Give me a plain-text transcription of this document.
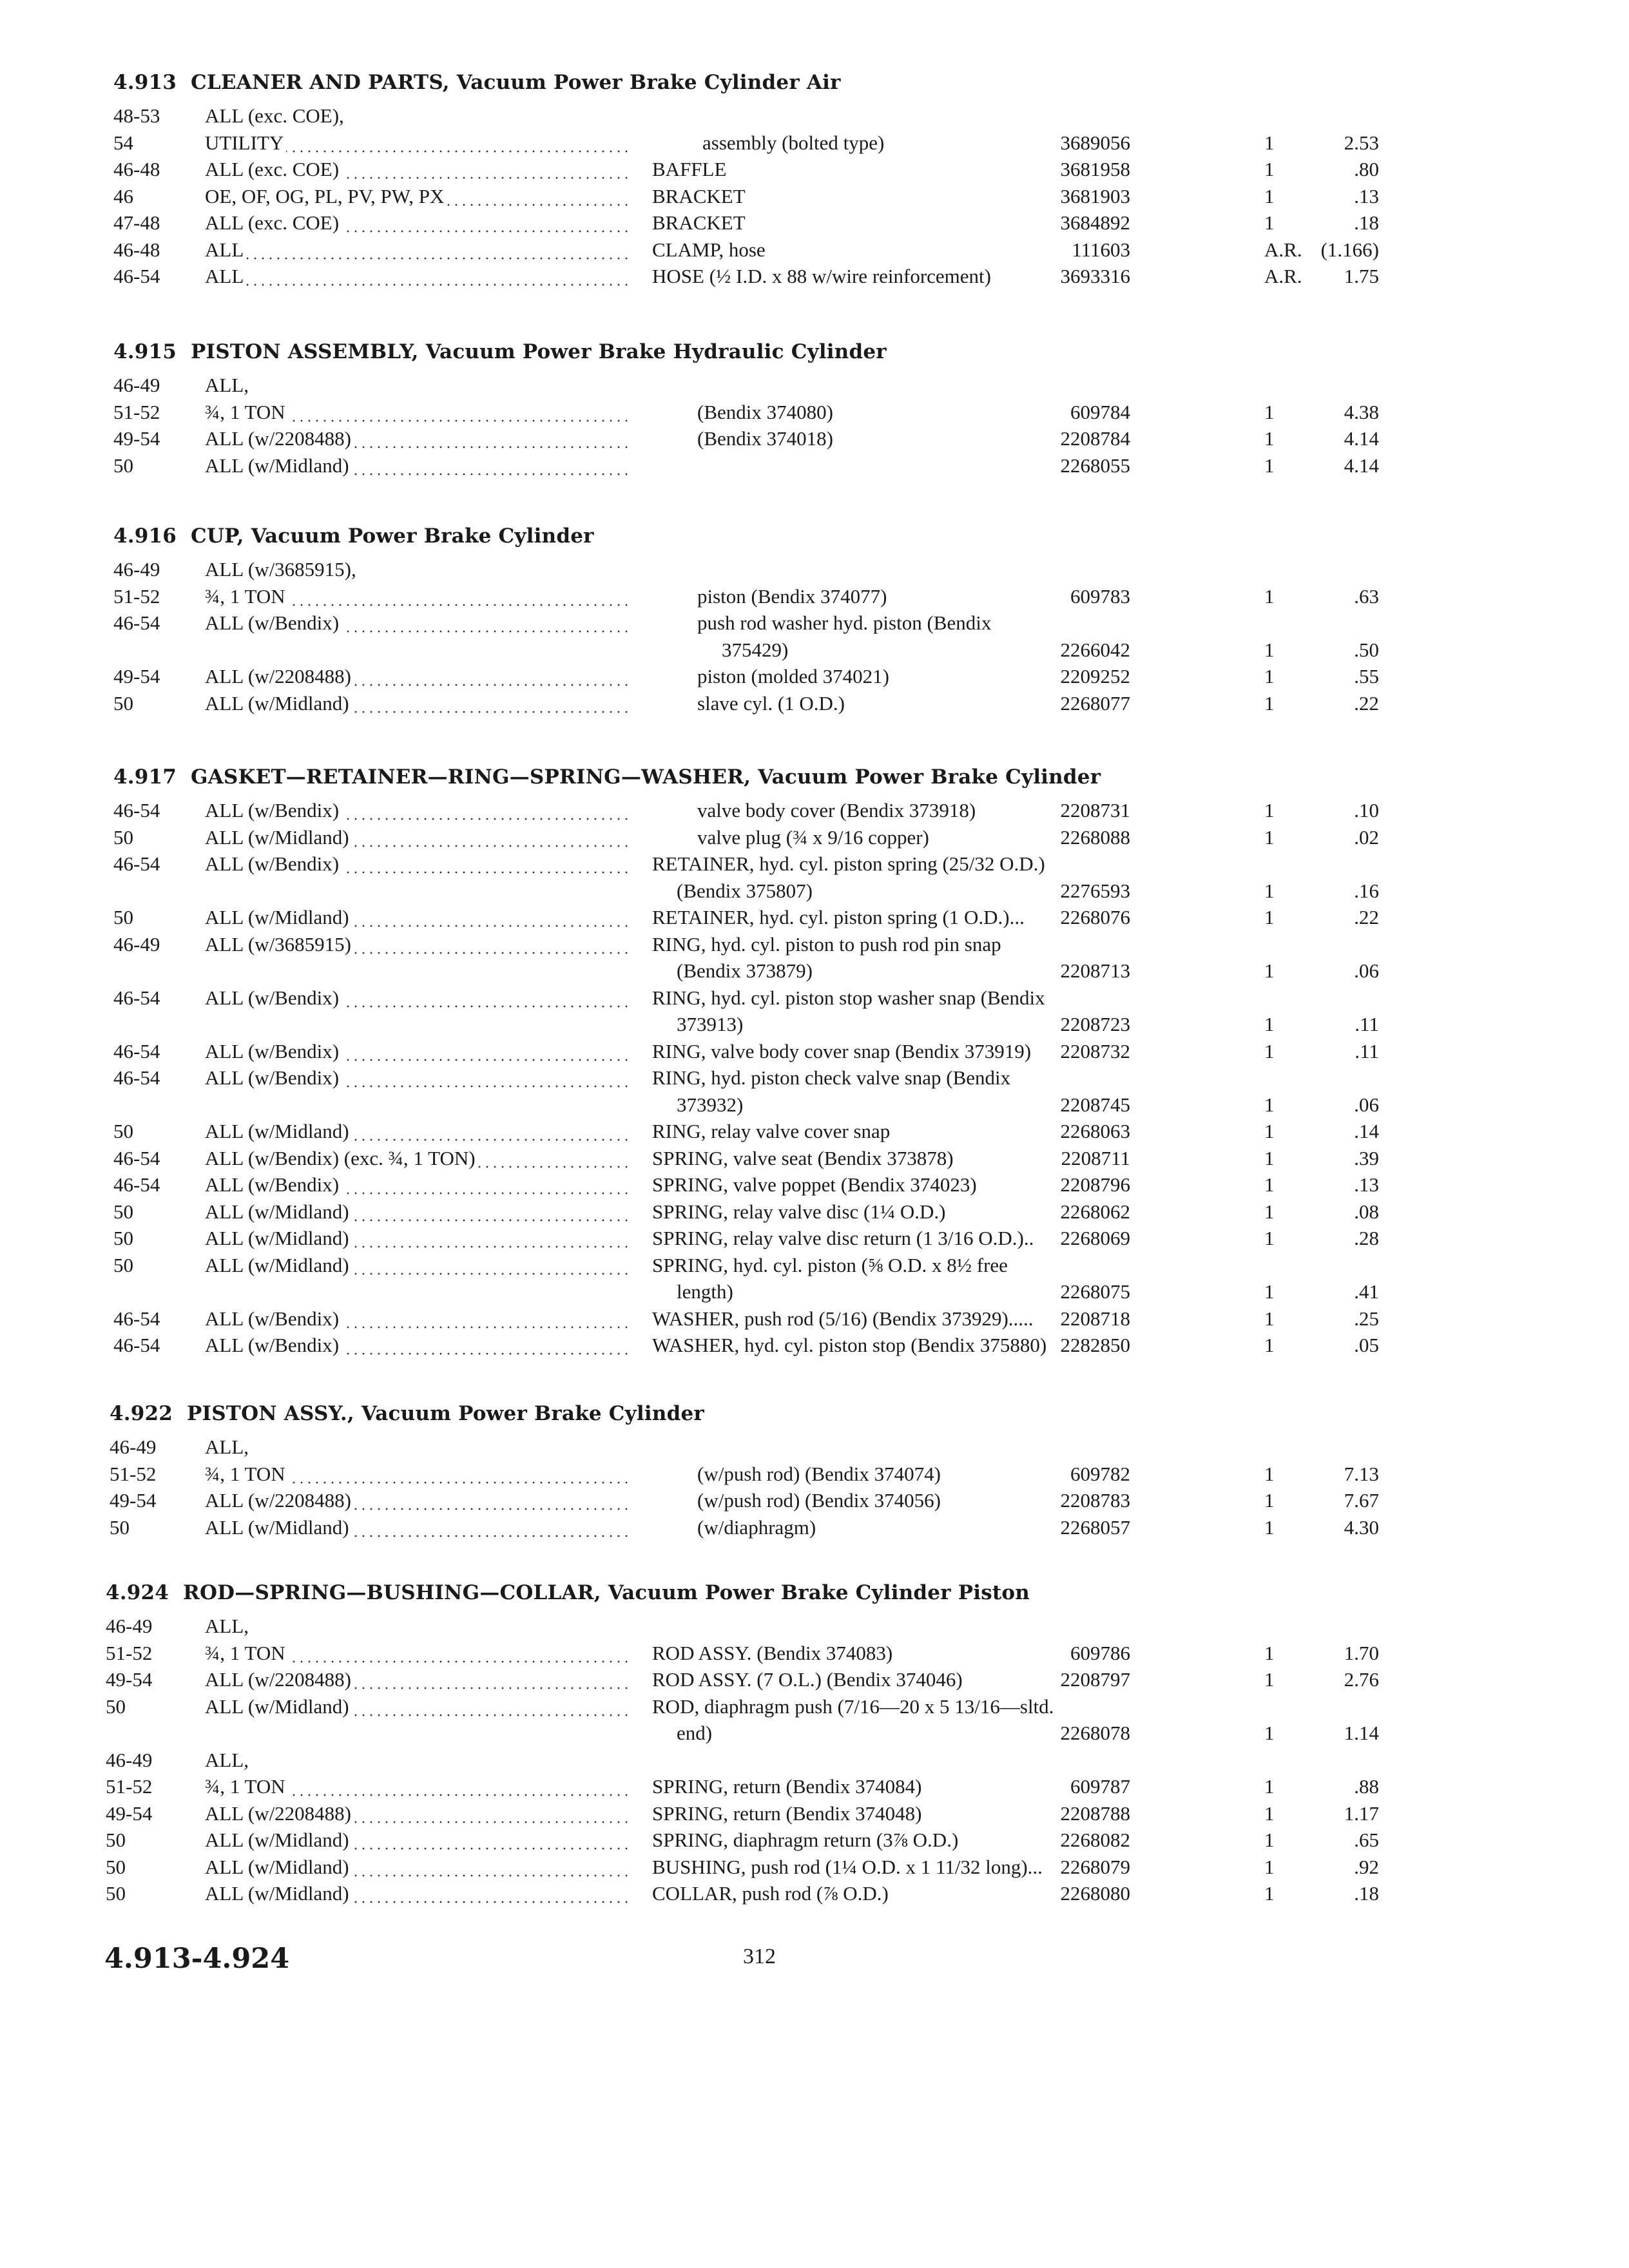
4.913 CLEANER AND PARTS, Vacuum Power Brake Cylinder Air
48-53 ALL (exc. COE),
54	UTILITY	assembly (bolted type)	3689056	1	2.53
46-48 ALL (exc. COE)	BAFFLE	3681958	1	.80
46	OE, OF, OG, PL, PV, PW, PX	BRACKET	3681903	1	.13
47-48 ALL (exc. COE)	BRACKET	3684892	1	.18
46-48 ALL	CLAMP, hose	111603	A.R. (1.166)
46-54 ALL	HOSE (½ I.D. x 88 w/wire reinforcement)	3693316	A.R.	1.75
4.915 PISTON ASSEMBLY, Vacuum Power Brake Hydraulic Cylinder
46-49 ALL,
51-52 ¾, 1 TON	(Bendix 374080)	609784	1	4.38
49-54 ALL (w/2208488)	(Bendix 374018)	2208784	1	4.14
50	ALL (w/Midland)	2268055	1	4.14
4.916 CUP, Vacuum Power Brake Cylinder
46-49 ALL (w/3685915),
51-52 ¾, 1 TON	piston (Bendix 374077)	609783	1	.63
46-54 ALL (w/Bendix)	push rod washer hyd. piston (Bendix
375429)	2266042	1	.50
49-54 ALL (w/2208488)	piston (molded 374021)	2209252	1	.55
50	ALL (w/Midland)	slave cyl. (1 O.D.)	2268077	1	.22
4.917 GASKET—RETAINER—RING—SPRING—WASHER, Vacuum Power Brake Cylinder
46-54 ALL (w/Bendix)	valve body cover (Bendix 373918)	2208731	1	.10
50	ALL (w/Midland)	valve plug (¾ x 9/16 copper)	2268088	1	.02
46-54 ALL (w/Bendix)	RETAINER, hyd. cyl. piston spring (25/32 O.D.)
(Bendix 375807)	2276593	1	.16
50	ALL (w/Midland)	RETAINER, hyd. cyl. piston spring (1 O.D.)...	2268076	1	.22
46-49 ALL (w/3685915)	RING, hyd. cyl. piston to push rod pin snap
(Bendix 373879)	2208713	1	.06
46-54 ALL (w/Bendix)	RING, hyd. cyl. piston stop washer snap (Bendix
373913)	2208723	1	.11
46-54 ALL (w/Bendix)	RING, valve body cover snap (Bendix 373919)	2208732	1	.11
46-54 ALL (w/Bendix)	RING, hyd. piston check valve snap (Bendix
373932)	2208745	1	.06
50	ALL (w/Midland)	RING, relay valve cover snap	2268063	1	.14
46-54 ALL (w/Bendix) (exc. ¾, 1 TON)	SPRING, valve seat (Bendix 373878)	2208711	1	.39
46-54 ALL (w/Bendix)	SPRING, valve poppet (Bendix 374023)	2208796	1	.13
50	ALL (w/Midland)	SPRING, relay valve disc (1¼ O.D.)	2268062	1	.08
50	ALL (w/Midland)	SPRING, relay valve disc return (1 3/16 O.D.)..	2268069	1	.28
50	ALL (w/Midland)	SPRING, hyd. cyl. piston (⅝ O.D. x 8½ free
length)	2268075	1	.41
46-54 ALL (w/Bendix)	WASHER, push rod (5/16) (Bendix 373929).....	2208718	1	.25
46-54 ALL (w/Bendix)	WASHER, hyd. cyl. piston stop (Bendix 375880) 2282850	1	.05
4.922 PISTON ASSY., Vacuum Power Brake Cylinder
46-49 ALL,
51-52 ¾, 1 TON	(w/push rod) (Bendix 374074)	609782	1	7.13
49-54 ALL (w/2208488)	(w/push rod) (Bendix 374056)	2208783	1	7.67
50	ALL (w/Midland)	(w/diaphragm)	2268057	1	4.30
4.924 ROD—SPRING—BUSHING—COLLAR, Vacuum Power Brake Cylinder Piston
46-49	ALL,
51-52	¾, 1 TON	ROD ASSY. (Bendix 374083)	609786	1	1.70
49-54	ALL (w/2208488)	ROD ASSY. (7 O.L.) (Bendix 374046)	2208797	1	2.76
50	ALL (w/Midland)	ROD, diaphragm push (7/16—20 x 5 13/16—sltd.
end)	2268078	1	1.14
46-49	ALL,
51-52	¾, 1 TON	SPRING, return (Bendix 374084)	609787	1	.88
49-54	ALL (w/2208488)	SPRING, return (Bendix 374048)	2208788	1	1.17
50	ALL (w/Midland)	SPRING, diaphragm return (3⅞ O.D.)	2268082	1	.65
50	ALL (w/Midland)	BUSHING, push rod (1¼ O.D. x 1 11/32 long)... 2268079	1	.92
50	ALL (w/Midland)	COLLAR, push rod (⅞ O.D.)	2268080	1	.18
4.913-4.924	312
